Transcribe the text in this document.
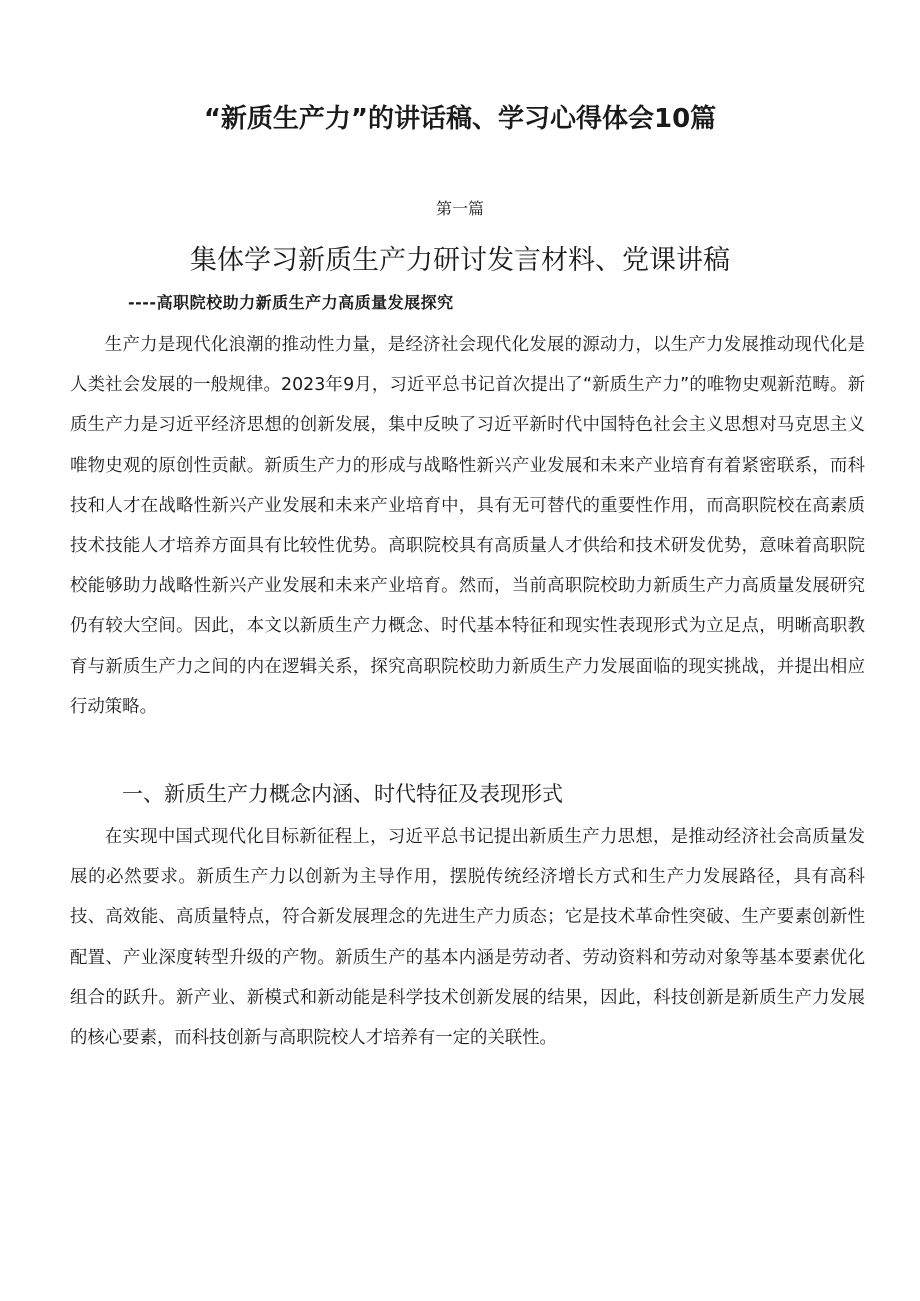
“新质生产力”的讲话稿、学习心得体会10篇
第一篇
集体学习新质生产力研讨发言材料、党课讲稿
----高职院校助力新质生产力高质量发展探究
生产力是现代化浪潮的推动性力量，是经济社会现代化发展的源动力，以生产力发展推动现代化是人类社会发展的一般规律。2023年9月，习近平总书记首次提出了“新质生产力”的唯物史观新范畴。新质生产力是习近平经济思想的创新发展，集中反映了习近平新时代中国特色社会主义思想对马克思主义唯物史观的原创性贡献。新质生产力的形成与战略性新兴产业发展和未来产业培育有着紧密联系，而科技和人才在战略性新兴产业发展和未来产业培育中，具有无可替代的重要性作用，而高职院校在高素质技术技能人才培养方面具有比较性优势。高职院校具有高质量人才供给和技术研发优势，意味着高职院校能够助力战略性新兴产业发展和未来产业培育。然而，当前高职院校助力新质生产力高质量发展研究仍有较大空间。因此，本文以新质生产力概念、时代基本特征和现实性表现形式为立足点，明晰高职教育与新质生产力之间的内在逻辑关系，探究高职院校助力新质生产力发展面临的现实挑战，并提出相应行动策略。
一、新质生产力概念内涵、时代特征及表现形式
在实现中国式现代化目标新征程上，习近平总书记提出新质生产力思想，是推动经济社会高质量发展的必然要求。新质生产力以创新为主导作用，摆脱传统经济增长方式和生产力发展路径，具有高科技、高效能、高质量特点，符合新发展理念的先进生产力质态；它是技术革命性突破、生产要素创新性配置、产业深度转型升级的产物。新质生产的基本内涵是劳动者、劳动资料和劳动对象等基本要素优化组合的跃升。新产业、新模式和新动能是科学技术创新发展的结果，因此，科技创新是新质生产力发展的核心要素，而科技创新与高职院校人才培养有一定的关联性。
